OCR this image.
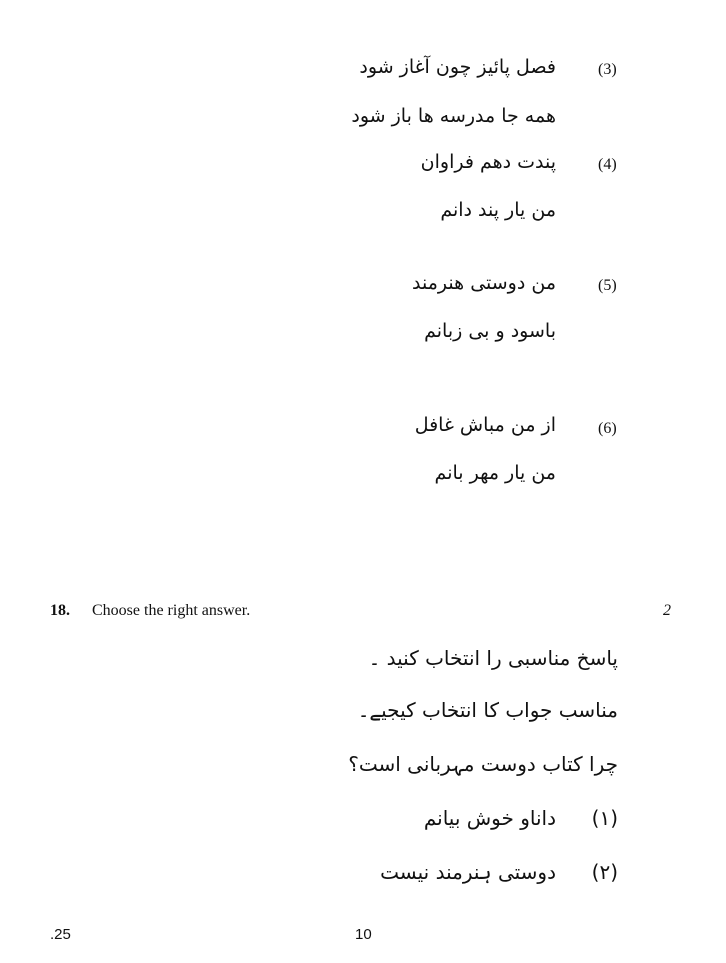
(3)
فصل پائیز چون آغاز شود
همه جا مدرسه ها باز شود
(4)
پندت دهم فراوان
من یار پند دانم
(5)
من دوستی هنرمند
باسود و بی زبانم
(6)
از من مباش غافل
من یار مهر بانم
18. Choose the right answer.	2
پاسخ مناسبی را انتخاب کنید ۔
مناسب جواب کا انتخاب کیجیے۔
چرا کتاب دوست مہربانی است؟
(۱)
داناو خوش بیانم
(۲)
دوستی ہنرمند نیست
.25	10
